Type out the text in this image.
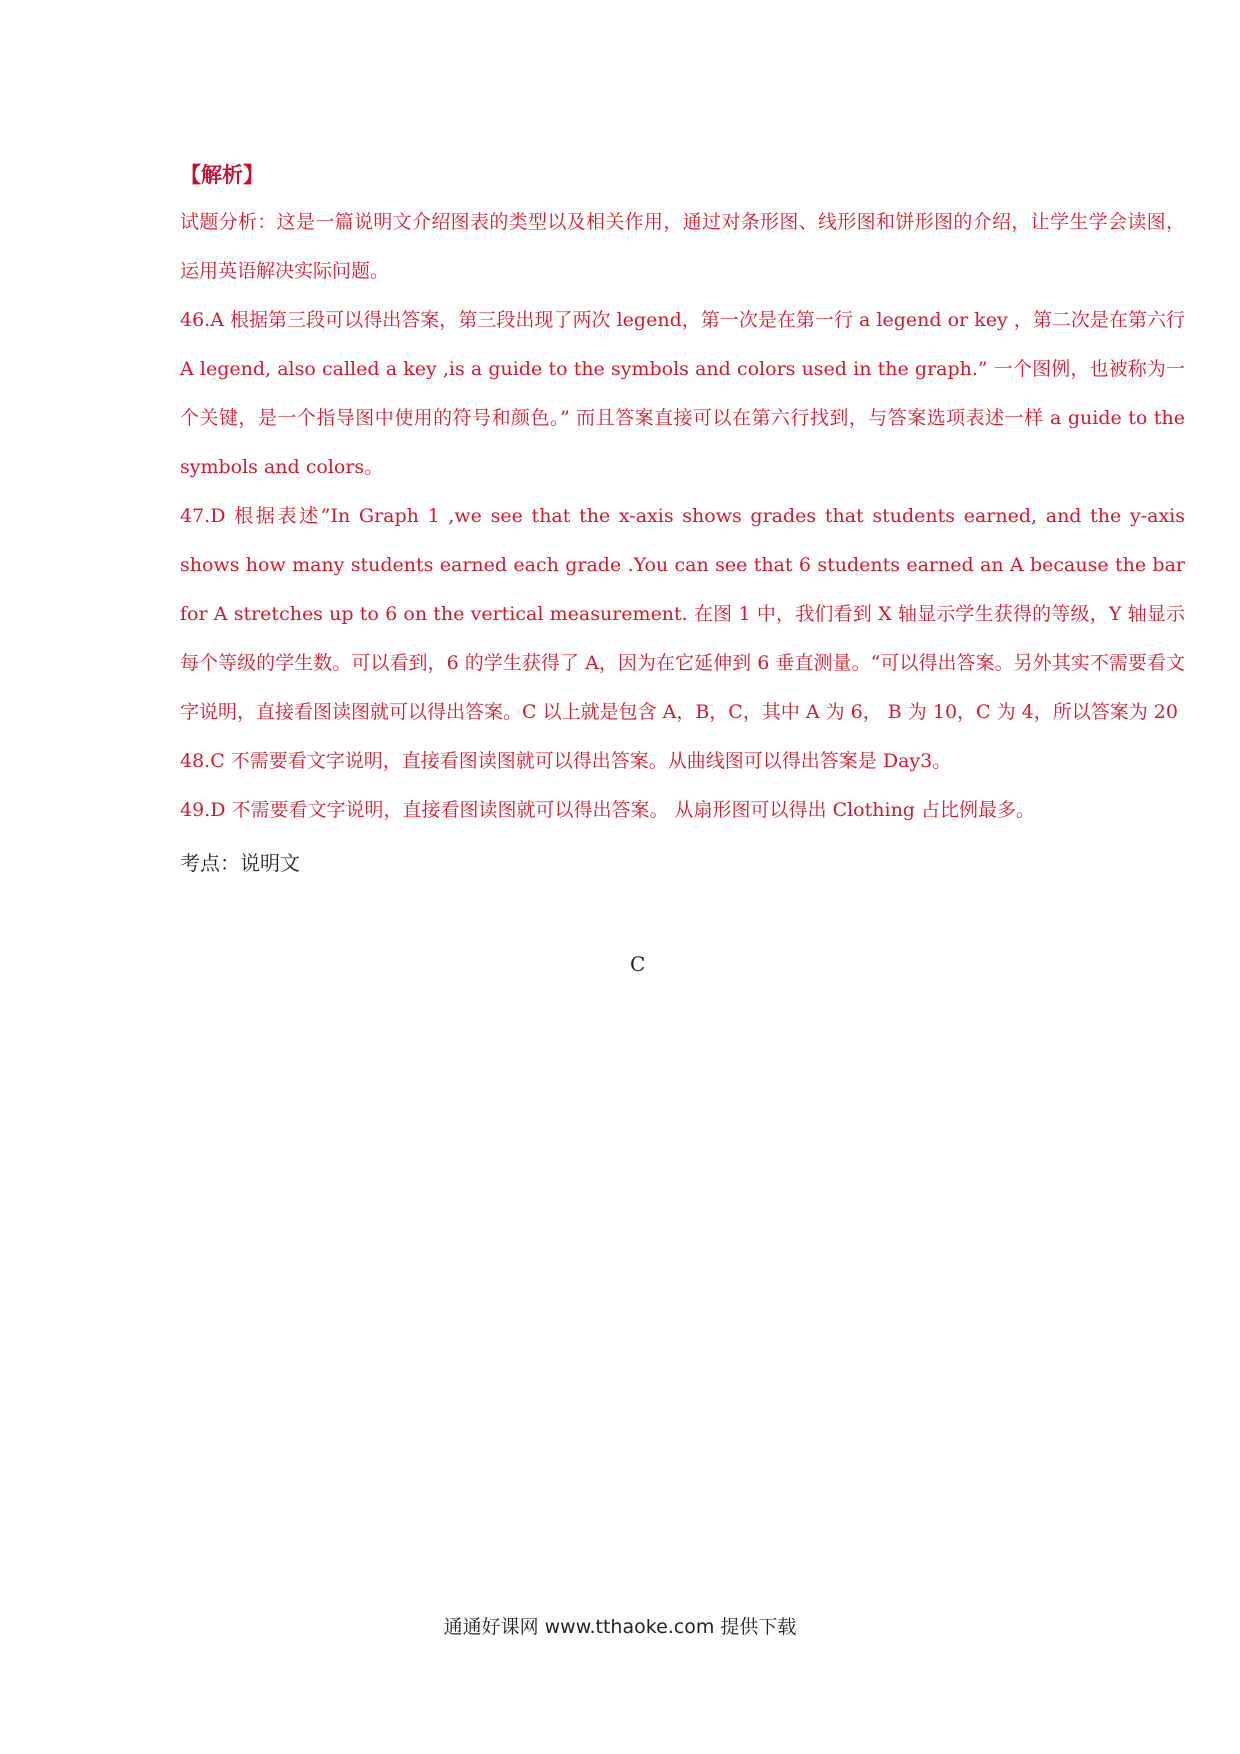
【解析】

试题分析：这是一篇说明文介绍图表的类型以及相关作用，通过对条形图、线形图和饼形图的介绍，让学生学会读图，运用英语解决实际问题。

46.A 根据第三段可以得出答案，第三段出现了两次 legend，第一次是在第一行 a legend or key ，第二次是在第六行 A legend, also called a key ,is a guide to the symbols and colors used in the graph.” 一个图例，也被称为一个关键，是一个指导图中使用的符号和颜色。” 而且答案直接可以在第六行找到，与答案选项表述一样 a guide to the symbols and colors。

47.D 根据表述”In Graph 1 ,we see that the x-axis shows grades that students earned, and the y-axis shows how many students earned each grade .You can see that 6 students earned an A because the bar for A stretches up to 6 on the vertical measurement. 在图 1 中，我们看到 X 轴显示学生获得的等级，Y 轴显示每个等级的学生数。可以看到，6 的学生获得了 A，因为在它延伸到 6 垂直测量。“可以得出答案。另外其实不需要看文字说明，直接看图读图就可以得出答案。C 以上就是包含 A，B，C，其中 A 为 6， B 为 10，C 为 4，所以答案为 20

48.C 不需要看文字说明，直接看图读图就可以得出答案。从曲线图可以得出答案是 Day3。

49.D 不需要看文字说明，直接看图读图就可以得出答案。 从扇形图可以得出 Clothing 占比例最多。

考点：说明文
C
通通好课网 www.tthaoke.com 提供下载
